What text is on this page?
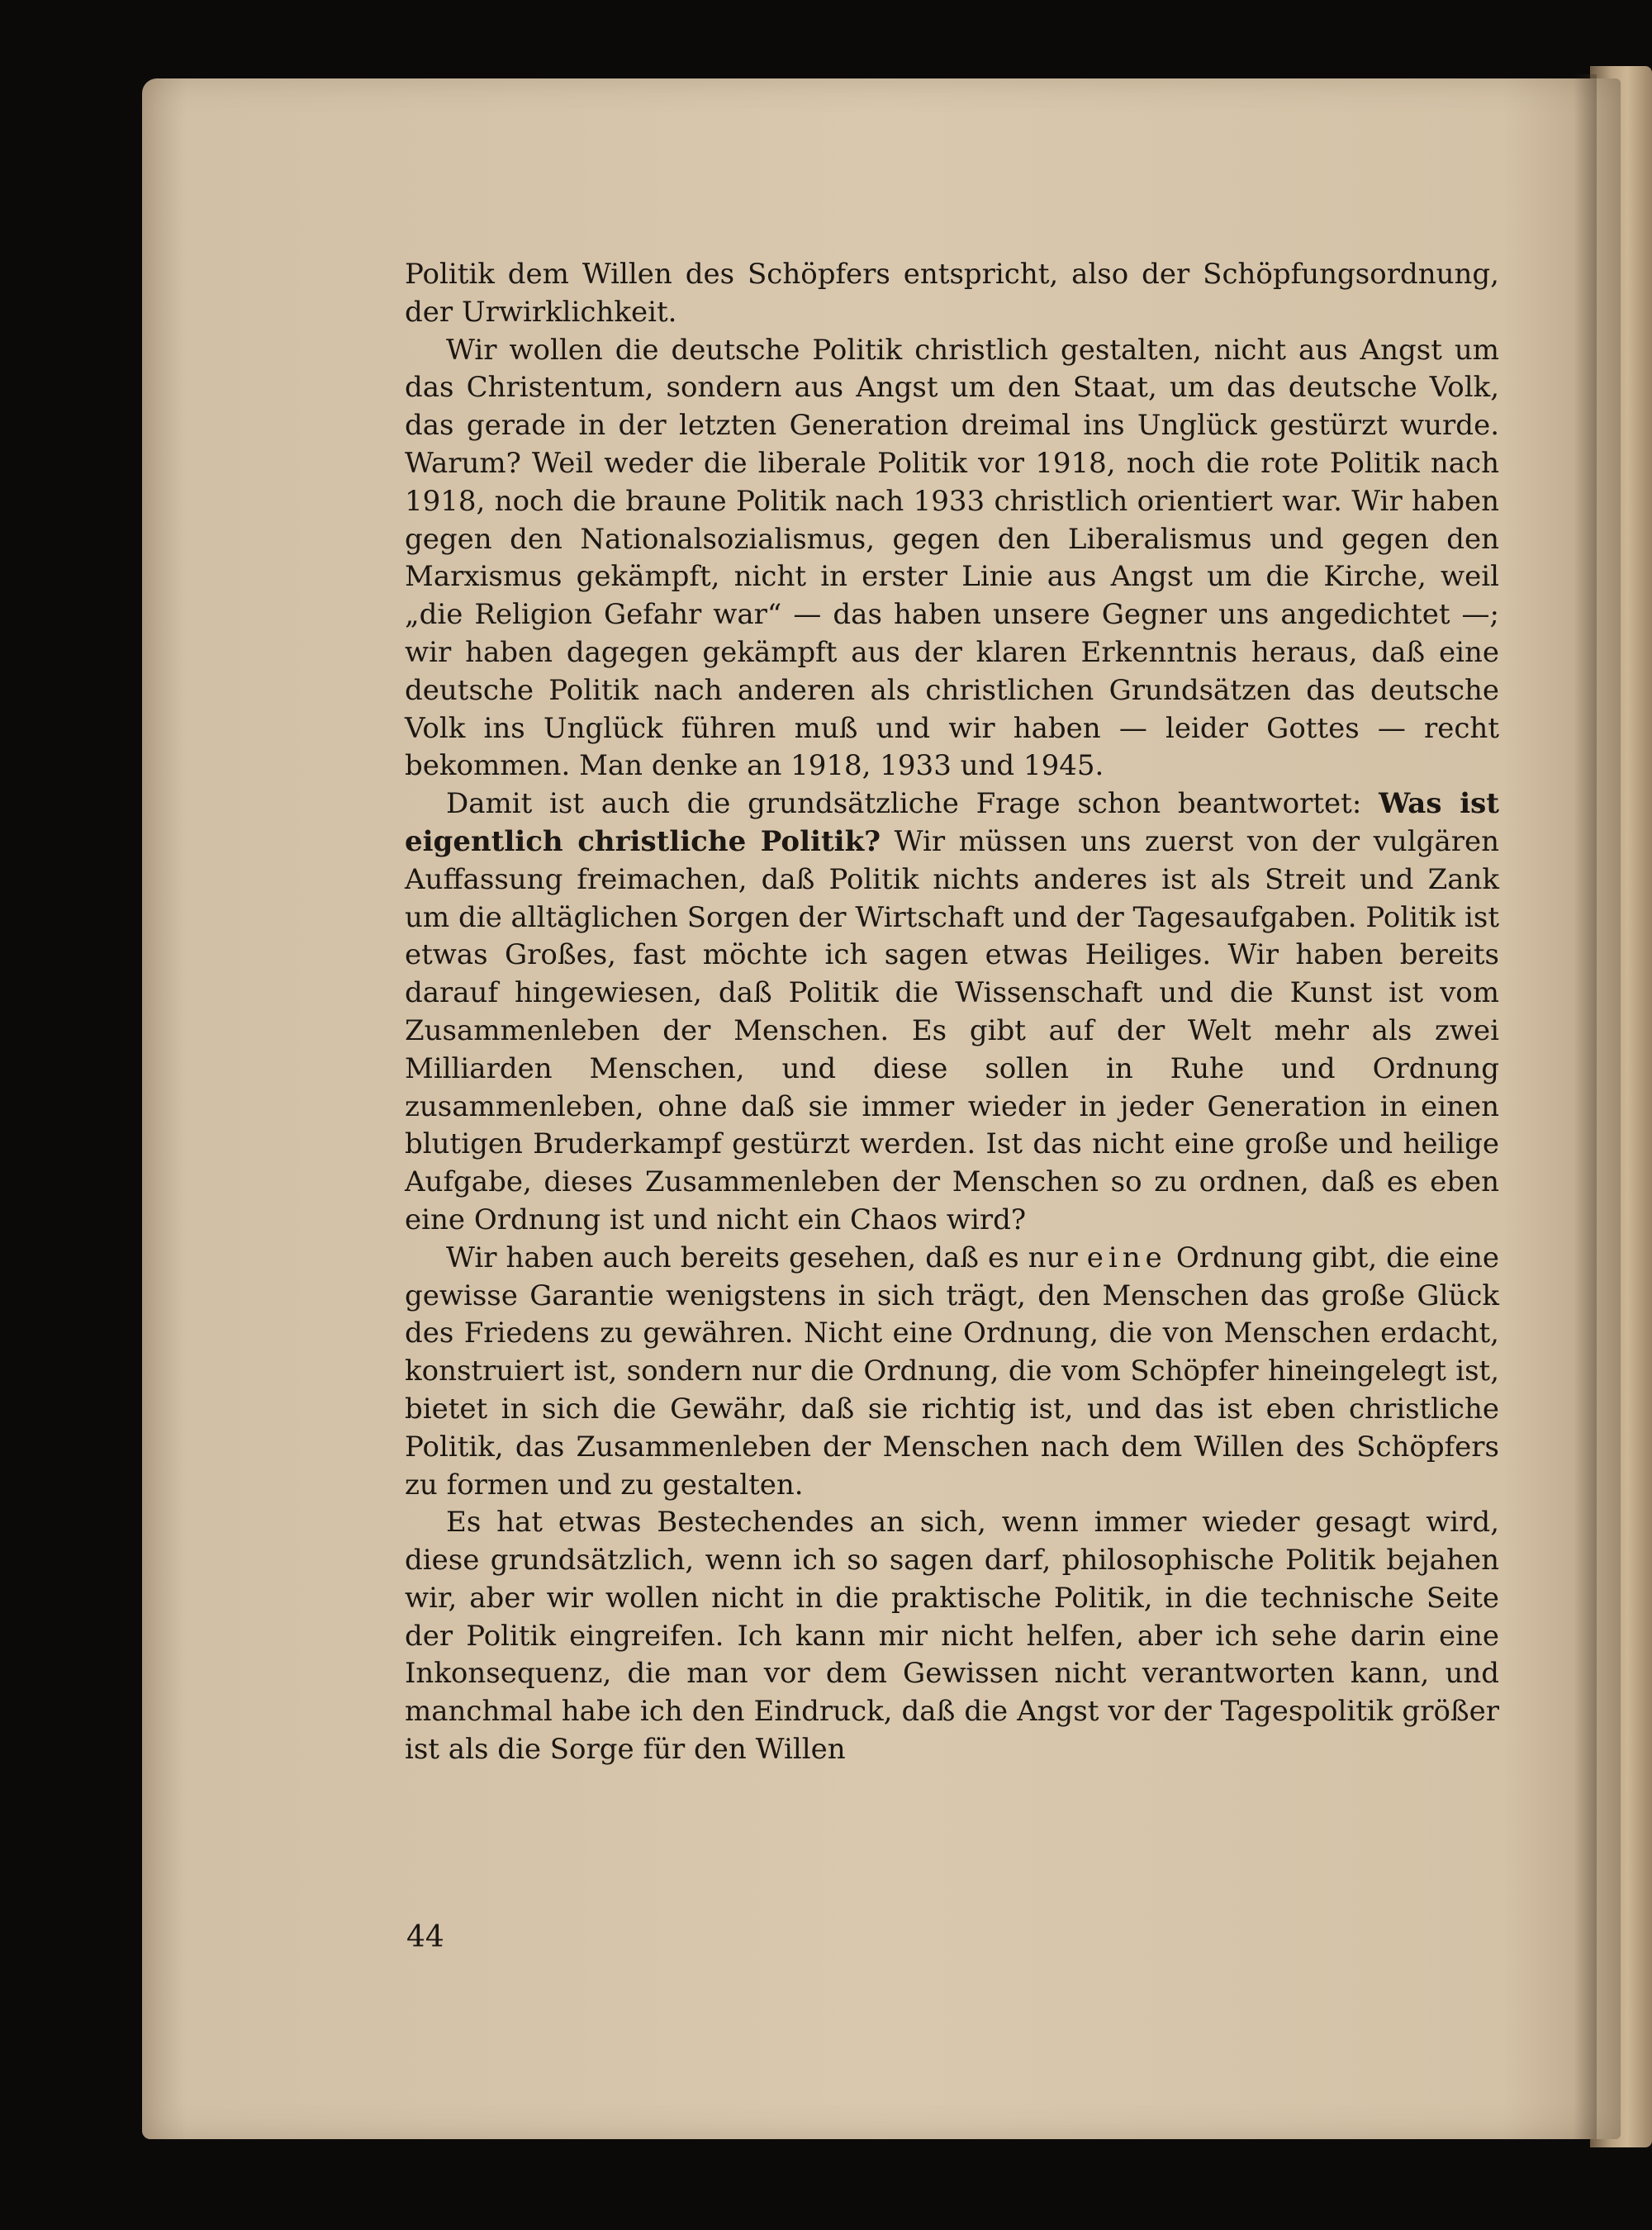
Politik dem Willen des Schöpfers entspricht, also der Schöpfungsordnung, der Urwirklichkeit.

Wir wollen die deutsche Politik christlich gestalten, nicht aus Angst um das Christentum, sondern aus Angst um den Staat, um das deutsche Volk, das gerade in der letzten Generation dreimal ins Unglück gestürzt wurde. Warum? Weil weder die liberale Politik vor 1918, noch die rote Politik nach 1918, noch die braune Politik nach 1933 christlich orientiert war. Wir haben gegen den Nationalsozialismus, gegen den Liberalismus und gegen den Marxismus gekämpft, nicht in erster Linie aus Angst um die Kirche, weil „die Religion Gefahr war“ — das haben unsere Gegner uns angedichtet —; wir haben dagegen gekämpft aus der klaren Erkenntnis heraus, daß eine deutsche Politik nach anderen als christlichen Grundsätzen das deutsche Volk ins Unglück führen muß und wir haben — leider Gottes — recht bekommen. Man denke an 1918, 1933 und 1945.

Damit ist auch die grundsätzliche Frage schon beantwortet: Was ist eigentlich christliche Politik? Wir müssen uns zuerst von der vulgären Auffassung freimachen, daß Politik nichts anderes ist als Streit und Zank um die alltäglichen Sorgen der Wirtschaft und der Tagesaufgaben. Politik ist etwas Großes, fast möchte ich sagen etwas Heiliges. Wir haben bereits darauf hingewiesen, daß Politik die Wissenschaft und die Kunst ist vom Zusammenleben der Menschen. Es gibt auf der Welt mehr als zwei Milliarden Menschen, und diese sollen in Ruhe und Ordnung zusammenleben, ohne daß sie immer wieder in jeder Generation in einen blutigen Bruderkampf gestürzt werden. Ist das nicht eine große und heilige Aufgabe, dieses Zusammenleben der Menschen so zu ordnen, daß es eben eine Ordnung ist und nicht ein Chaos wird?

Wir haben auch bereits gesehen, daß es nur eine Ordnung gibt, die eine gewisse Garantie wenigstens in sich trägt, den Menschen das große Glück des Friedens zu gewähren. Nicht eine Ordnung, die von Menschen erdacht, konstruiert ist, sondern nur die Ordnung, die vom Schöpfer hineingelegt ist, bietet in sich die Gewähr, daß sie richtig ist, und das ist eben christliche Politik, das Zusammenleben der Menschen nach dem Willen des Schöpfers zu formen und zu gestalten.

Es hat etwas Bestechendes an sich, wenn immer wieder gesagt wird, diese grundsätzlich, wenn ich so sagen darf, philosophische Politik bejahen wir, aber wir wollen nicht in die praktische Politik, in die technische Seite der Politik eingreifen. Ich kann mir nicht helfen, aber ich sehe darin eine Inkonsequenz, die man vor dem Gewissen nicht verantworten kann, und manchmal habe ich den Eindruck, daß die Angst vor der Tagespolitik größer ist als die Sorge für den Willen

44
